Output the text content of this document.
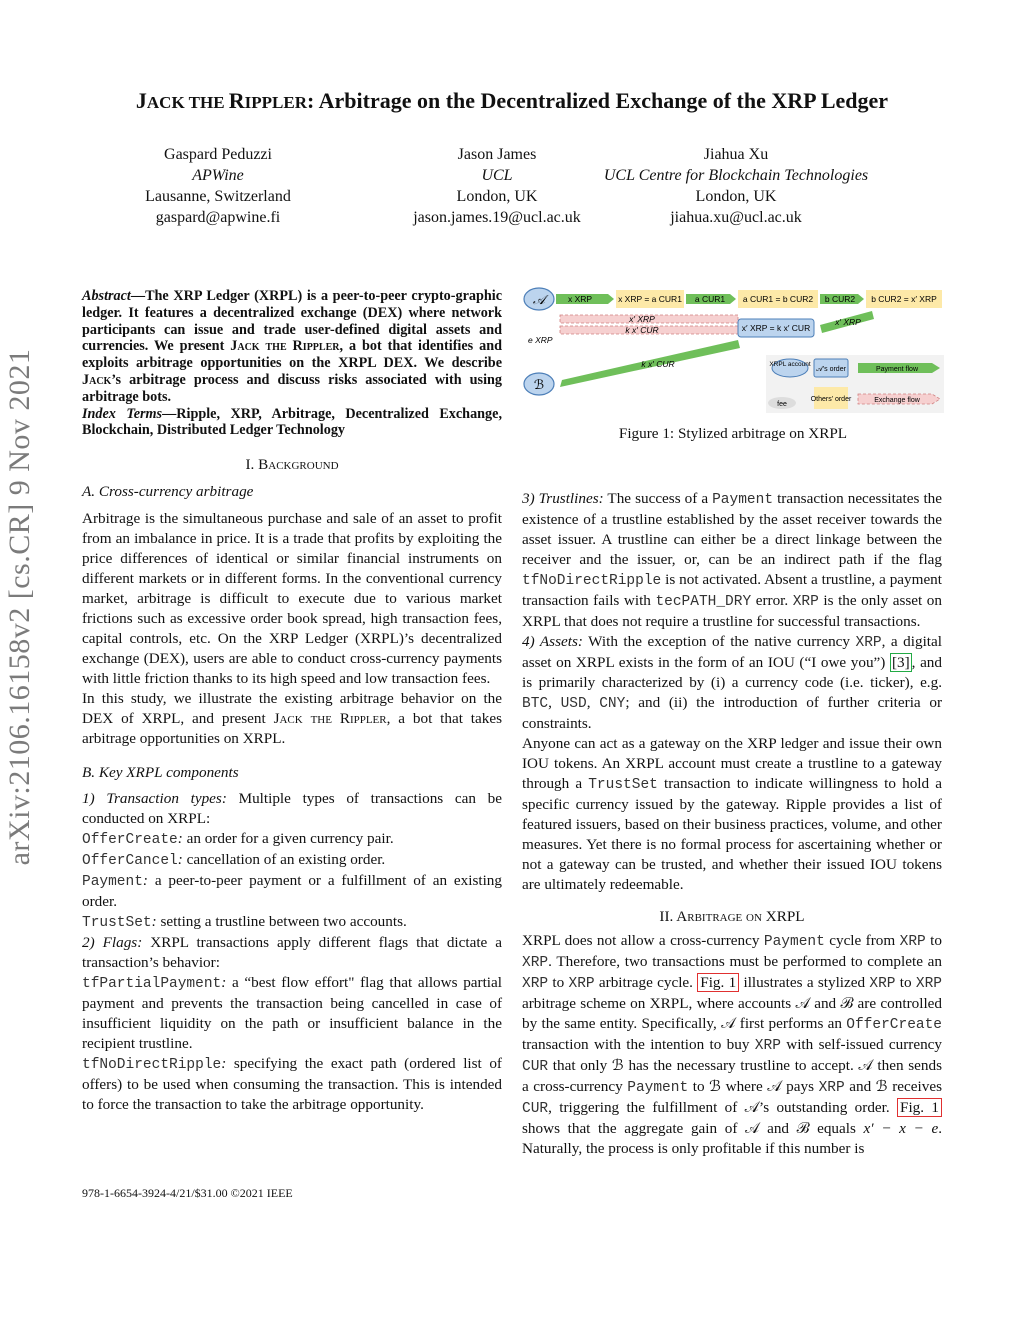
arXiv:2106.16158v2 [cs.CR] 9 Nov 2021
JACK THE RIPPLER: Arbitrage on the Decentralized Exchange of the XRP Ledger
Gaspard Peduzzi
APWine
Lausanne, Switzerland
gaspard@apwine.fi
Jason James
UCL
London, UK
jason.james.19@ucl.ac.uk
Jiahua Xu
UCL Centre for Blockchain Technologies
London, UK
jiahua.xu@ucl.ac.uk

Abstract—The XRP Ledger (XRPL) is a peer-to-peer crypto-graphic ledger. It features a decentralized exchange (DEX) where network participants can issue and trade user-defined digital assets and currencies. We present Jack the Rippler, a bot that identifies and exploits arbitrage opportunities on the XRPL DEX. We describe Jack’s arbitrage process and discuss risks associated with using arbitrage bots.

Index Terms—Ripple, XRP, Arbitrage, Decentralized Exchange, Blockchain, Distributed Ledger Technology

I. Background
A. Cross-currency arbitrage

Arbitrage is the simultaneous purchase and sale of an asset to profit from an imbalance in price. It is a trade that profits by exploiting the price differences of identical or similar financial instruments on different markets or in different forms. In the conventional currency market, arbitrage is difficult to execute due to various market frictions such as excessive order book spread, high transaction fees, capital controls, etc. On the XRP Ledger (XRPL)’s decentralized exchange (DEX), users are able to conduct cross-currency payments with little friction thanks to its high speed and low transaction fees.

In this study, we illustrate the existing arbitrage behavior on the DEX of XRPL, and present Jack the Rippler, a bot that takes arbitrage opportunities on XRPL.

B. Key XRPL components

1) Transaction types: Multiple types of transactions can be conducted on XRPL:

OfferCreate: an order for a given currency pair.

OfferCancel: cancellation of an existing order.

Payment: a peer-to-peer payment or a fulfillment of an existing order.

TrustSet: setting a trustline between two accounts.

2) Flags: XRPL transactions apply different flags that dictate a transaction’s behavior:

tfPartialPayment: a “best flow effort" flag that allows partial payment and prevents the transaction being cancelled in case of insufficient liquidity on the path or insufficient balance in the recipient trustline.

tfNoDirectRipple: specifying the exact path (ordered list of offers) to be used when consuming the transaction. This is intended to force the transaction to take the arbitrage opportunity.

𝒜
ℬ
x XRP	x XRP = a CUR1 a CUR1 a CUR1 = b CUR2 b CUR2 b CUR2 = x′ XRP
x′ XRP
k x′ CUR
e XRP
x′ XRP = k x′ CUR
x′ XRP
k x′ CUR	XRPL account
𝒜’s order	Payment flow
fee
Others’ order	Exchange flow
Figure 1: Stylized arbitrage on XRPL

3) Trustlines: The success of a Payment transaction necessitates the existence of a trustline established by the asset receiver towards the asset issuer. A trustline can either be a direct linkage between the receiver and the issuer, or, can be an indirect path if the flag tfNoDirectRipple is not activated. Absent a trustline, a payment transaction fails with tecPATH_DRY error. XRP is the only asset on XRPL that does not require a trustline for successful transactions.

4) Assets: With the exception of the native currency XRP, a digital asset on XRPL exists in the form of an IOU (“I owe you”) [3] , and is primarily characterized by (i) a currency code (i.e. ticker), e.g. BTC, USD, CNY; and (ii) the introduction of further criteria or constraints.

Anyone can act as a gateway on the XRP ledger and issue their own IOU tokens. An XRPL account must create a trustline to a gateway through a TrustSet transaction to indicate willingness to hold a specific currency issued by the gateway. Ripple provides a list of featured issuers, based on their business practices, volume, and other measures. Yet there is no formal process for ascertaining whether or not a gateway can be trusted, and whether their issued IOU tokens are ultimately redeemable.

II. Arbitrage on XRPL

XRPL does not allow a cross-currency Payment cycle from XRP to XRP. Therefore, two transactions must be performed to complete an XRP to XRP arbitrage cycle. Fig. 1 illustrates a stylized XRP to XRP arbitrage scheme on XRPL, where accounts 𝒜 and ℬ are controlled by the same entity. Specifically, 𝒜 first performs an OfferCreate transaction with the intention to buy XRP with self-issued currency CUR that only ℬ has the necessary trustline to accept. 𝒜 then sends a cross-currency Payment to ℬ where 𝒜 pays XRP and ℬ receives CUR, triggering the fulfillment of 𝒜’s outstanding order. Fig. 1 shows that the aggregate gain of 𝒜 and ℬ equals x′ − x − e. Naturally, the process is only profitable if this number is

978-1-6654-3924-4/21/$31.00 ©2021 IEEE
